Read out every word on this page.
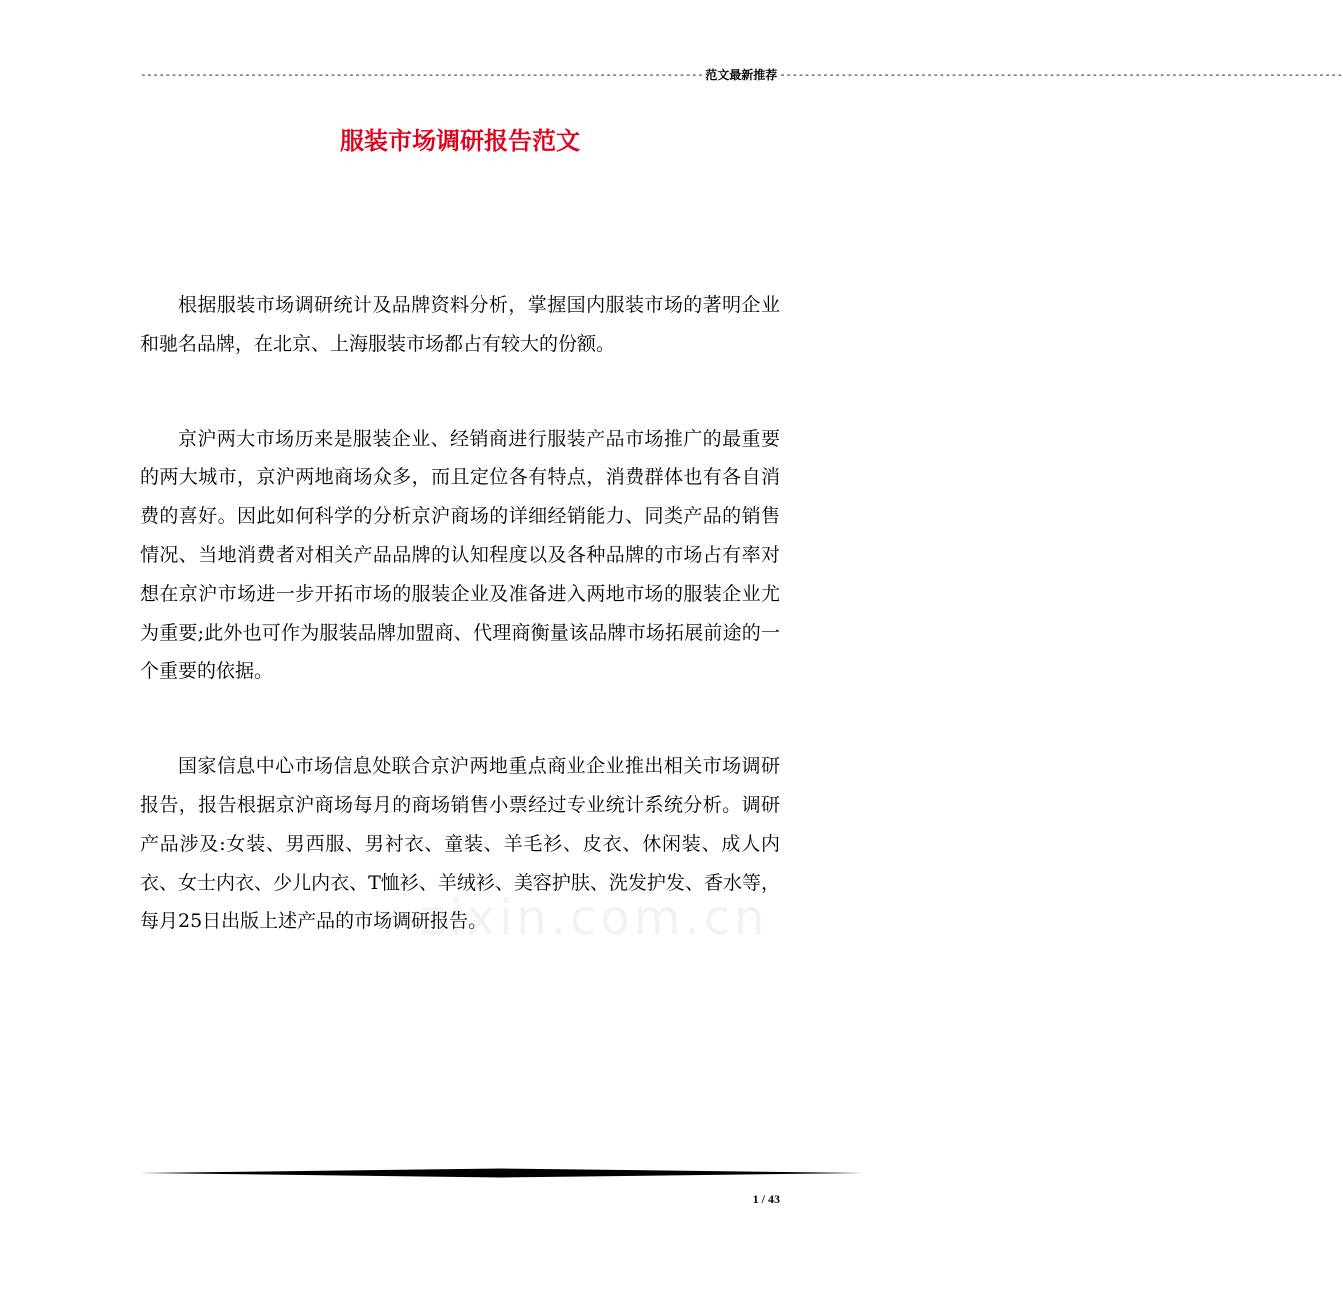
-------------------------------------------------------------------------------------------- 范文最新推荐 --------------------------------------------------------------------------------------------
服装市场调研报告范文

根据服装市场调研统计及品牌资料分析，掌握国内服装市场的著明企业和驰名品牌，在北京、上海服装市场都占有较大的份额。

京沪两大市场历来是服装企业、经销商进行服装产品市场推广的最重要的两大城市，京沪两地商场众多，而且定位各有特点，消费群体也有各自消费的喜好。因此如何科学的分析京沪商场的详细经销能力、同类产品的销售情况、当地消费者对相关产品品牌的认知程度以及各种品牌的市场占有率对想在京沪市场进一步开拓市场的服装企业及准备进入两地市场的服装企业尤为重要;此外也可作为服装品牌加盟商、代理商衡量该品牌市场拓展前途的一个重要的依据。

国家信息中心市场信息处联合京沪两地重点商业企业推出相关市场调研报告，报告根据京沪商场每月的商场销售小票经过专业统计系统分析。调研产品涉及:女装、男西服、男衬衣、童装、羊毛衫、皮衣、休闲装、成人内衣、女士内衣、少儿内衣、T恤衫、羊绒衫、美容护肤、洗发护发、香水等，每月25日出版上述产品的市场调研报告。

zixin.com.cn
1 / 43
